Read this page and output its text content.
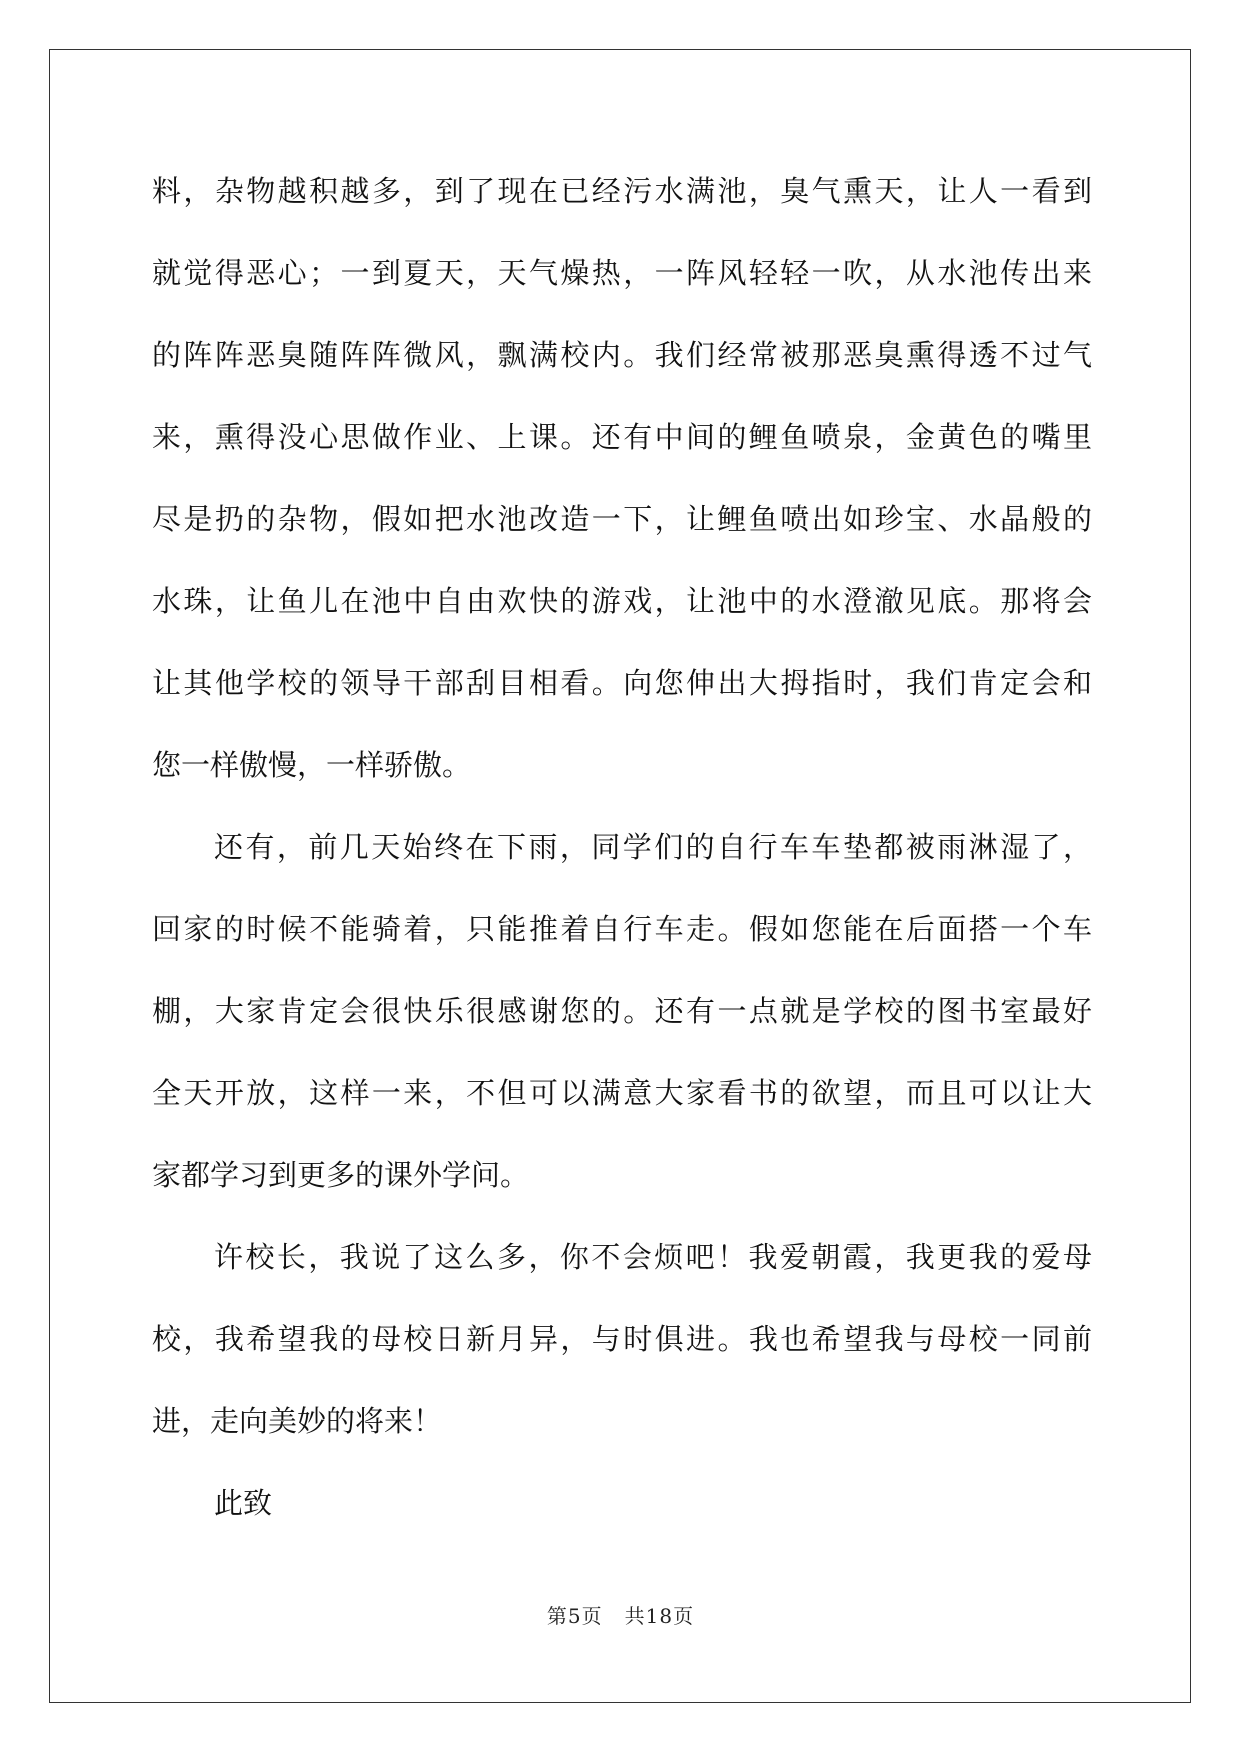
料，杂物越积越多，到了现在已经污水满池，臭气熏天，让人一看到
就觉得恶心；一到夏天，天气燥热，一阵风轻轻一吹，从水池传出来
的阵阵恶臭随阵阵微风，飘满校内。我们经常被那恶臭熏得透不过气
来，熏得没心思做作业、上课。还有中间的鲤鱼喷泉，金黄色的嘴里
尽是扔的杂物，假如把水池改造一下，让鲤鱼喷出如珍宝、水晶般的
水珠，让鱼儿在池中自由欢快的游戏，让池中的水澄澈见底。那将会
让其他学校的领导干部刮目相看。向您伸出大拇指时，我们肯定会和
您一样傲慢，一样骄傲。
还有，前几天始终在下雨，同学们的自行车车垫都被雨淋湿了，
回家的时候不能骑着，只能推着自行车走。假如您能在后面搭一个车
棚，大家肯定会很快乐很感谢您的。还有一点就是学校的图书室最好
全天开放，这样一来，不但可以满意大家看书的欲望，而且可以让大
家都学习到更多的课外学问。
许校长，我说了这么多，你不会烦吧！我爱朝霞，我更我的爱母
校，我希望我的母校日新月异，与时俱进。我也希望我与母校一同前
进，走向美妙的将来！
此致
第5页 共18页
